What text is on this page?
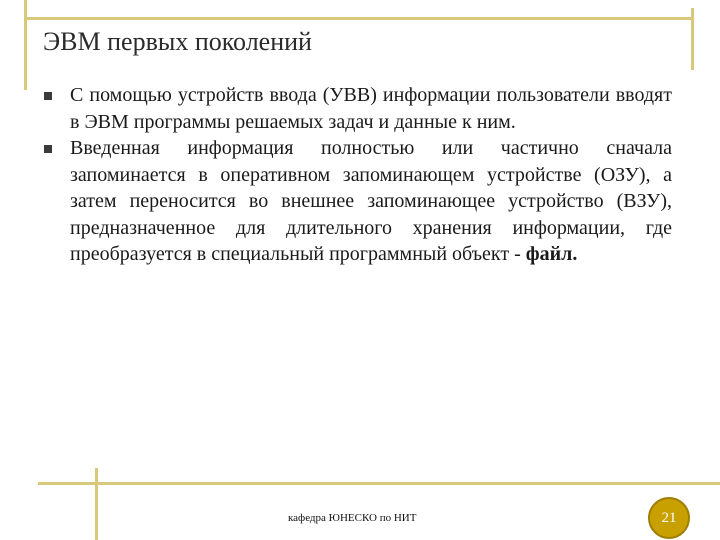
ЭВМ первых поколений

С помощью устройств ввода (УВВ) информации пользователи вводят в ЭВМ программы решаемых задач и данные к ним.

Введенная информация полностью или частично сначала запоминается в оперативном запоминающем устройстве (ОЗУ), а затем переносится во внешнее запоминающее устройство (ВЗУ), предназначенное для длительного хранения информации, где преобразуется в специальный программный объект - файл.

кафедра ЮНЕСКО по НИТ	21
